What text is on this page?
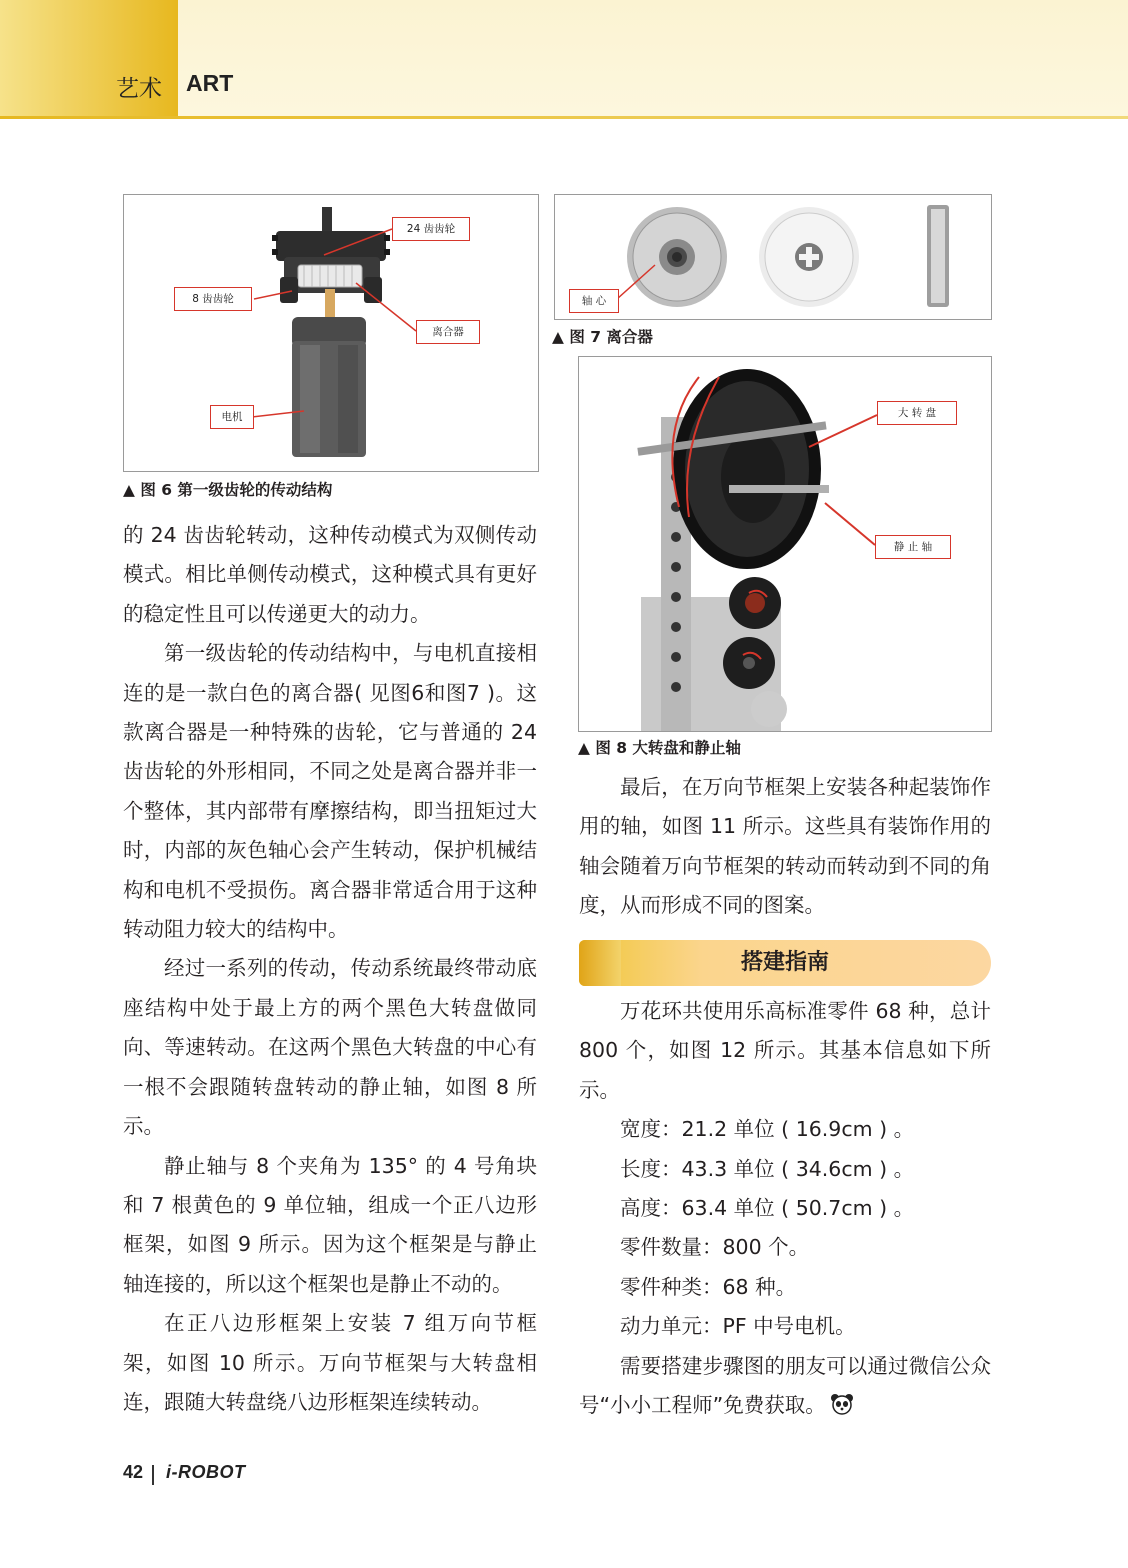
艺术 ART
24 齿齿轮
8 齿齿轮
离合器
电机
▲ 图 6 第一级齿轮的传动结构
轴 心
▲ 图 7 离合器
大 转 盘
静 止 轴
▲ 图 8 大转盘和静止轴

的 24 齿齿轮转动，这种传动模式为双侧传动模式。相比单侧传动模式，这种模式具有更好的稳定性且可以传递更大的动力。

第一级齿轮的传动结构中，与电机直接相连的是一款白色的离合器( 见图6和图7 )。这款离合器是一种特殊的齿轮，它与普通的 24 齿齿轮的外形相同，不同之处是离合器并非一个整体，其内部带有摩擦结构，即当扭矩过大时，内部的灰色轴心会产生转动，保护机械结构和电机不受损伤。离合器非常适合用于这种转动阻力较大的结构中。

经过一系列的传动，传动系统最终带动底座结构中处于最上方的两个黑色大转盘做同向、等速转动。在这两个黑色大转盘的中心有一根不会跟随转盘转动的静止轴，如图 8 所示。

静止轴与 8 个夹角为 135° 的 4 号角块和 7 根黄色的 9 单位轴，组成一个正八边形框架，如图 9 所示。因为这个框架是与静止轴连接的，所以这个框架也是静止不动的。

在正八边形框架上安装 7 组万向节框架，如图 10 所示。万向节框架与大转盘相连，跟随大转盘绕八边形框架连续转动。

最后，在万向节框架上安装各种起装饰作用的轴，如图 11 所示。这些具有装饰作用的轴会随着万向节框架的转动而转动到不同的角度，从而形成不同的图案。

搭建指南

万花环共使用乐高标准零件 68 种，总计 800 个，如图 12 所示。其基本信息如下所示。

宽度：21.2 单位 ( 16.9cm ) 。
长度：43.3 单位 ( 34.6cm ) 。
高度：63.4 单位 ( 50.7cm ) 。
零件数量：800 个。
零件种类：68 种。
动力单元：PF 中号电机。

需要搭建步骤图的朋友可以通过微信公众号“小小工程师”免费获取。

42 i-ROBOT
